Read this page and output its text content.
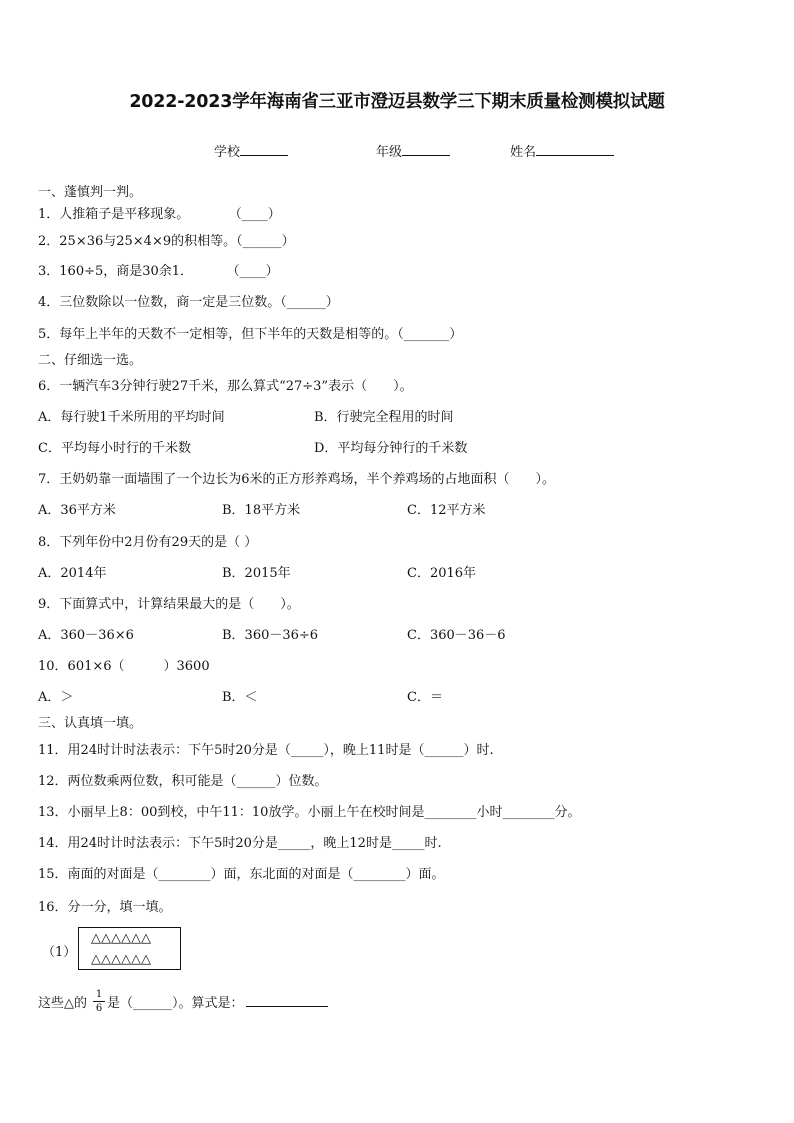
2022-2023学年海南省三亚市澄迈县数学三下期末质量检测模拟试题
学校	年级	姓名
一、蓬慎判一判。
1．人推箱子是平移现象。	（____）
2．25×36与25×4×9的积相等。（______）
3．160÷5，商是30余1．	（____）
4．三位数除以一位数，商一定是三位数。（______）
5．每年上半年的天数不一定相等，但下半年的天数是相等的。（_______）
二、仔细选一选。
6．一辆汽车3分钟行驶27千米，那么算式“27÷3”表示（　　）。
A．每行驶1千米所用的平均时间	B．行驶完全程用的时间
C．平均每小时行的千米数	D．平均每分钟行的千米数
7．王奶奶靠一面墙围了一个边长为6米的正方形养鸡场，半个养鸡场的占地面积（　　）。
A．36平方米	B．18平方米	C．12平方米
8．下列年份中2月份有29天的是（ ）
A．2014年	B．2015年	C．2016年
9．下面算式中，计算结果最大的是（　　）。
A．360－36×6	B．360－36÷6	C．360－36－6
10．601×6（　　　）3600
A．＞	B．＜	C．＝
三、认真填一填。
11．用24时计时法表示：下午5时20分是（_____），晚上11时是（______）时.
12．两位数乘两位数，积可能是（______）位数。
13．小丽早上8：00到校，中午11：10放学。小丽上午在校时间是________小时________分。
14．用24时计时法表示：下午5时20分是_____，晚上12时是_____时.
15．南面的对面是（________）面，东北面的对面是（________）面。
16．分一分，填一填。
（1）
△△△△△△
△△△△△△
这些△的
1
6 是（______）。算式是：
